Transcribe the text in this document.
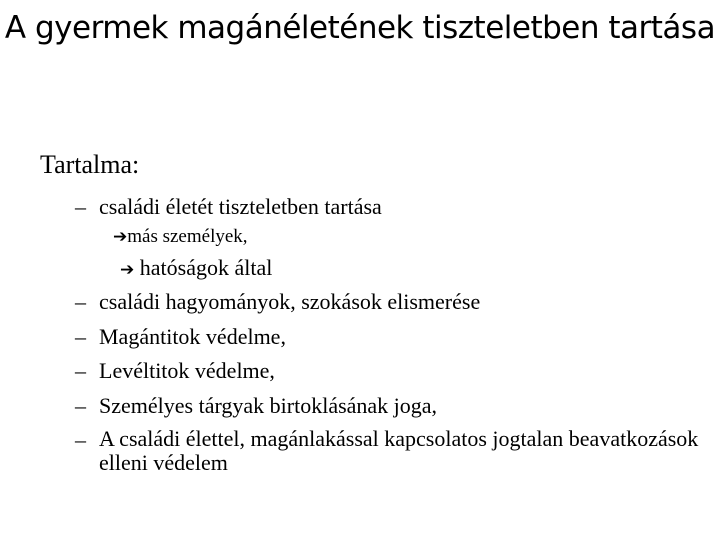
A gyermek magánéletének tiszteletben tartása
Tartalma:
– családi életét tiszteletben tartása
➔más személyek,
➔ hatóságok által
– családi hagyományok, szokások elismerése
– Magántitok védelme,
– Levéltitok védelme,
– Személyes tárgyak birtoklásának joga,
– A családi élettel, magánlakással kapcsolatos jogtalan beavatkozások elleni védelem
